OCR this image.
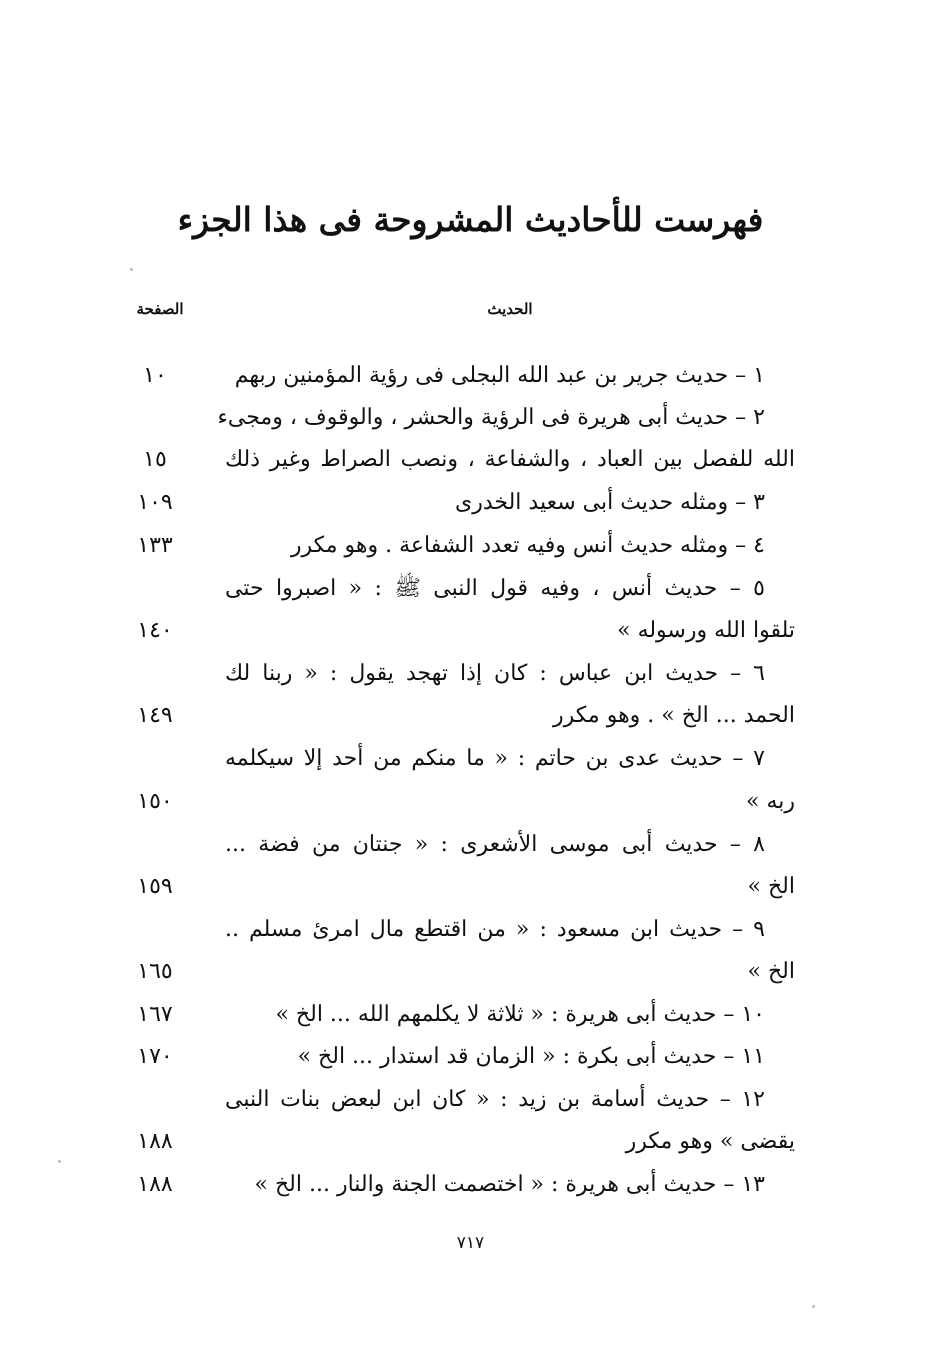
فهرست للأحاديث المشروحة فى هذا الجزء
الحديث
الصفحة
١ – حديث جرير بن عبد الله البجلى فى رؤية المؤمنين ربهم
١٠
٢ – حديث أبى هريرة فى الرؤية والحشر ، والوقوف ، ومجىء
الله للفصل بين العباد ، والشفاعة ، ونصب الصراط وغير ذلك
١٥
٣ – ومثله حديث أبى سعيد الخدرى
١٠٩
٤ – ومثله حديث أنس وفيه تعدد الشفاعة . وهو مكرر
١٣٣
٥ – حديث أنس ، وفيه قول النبى ﷺ : « اصبروا حتى
تلقوا الله ورسوله »
١٤٠
٦ – حديث ابن عباس : كان إذا تهجد يقول : « ربنا لك
الحمد ... الخ » . وهو مكرر
١٤٩
٧ – حديث عدى بن حاتم : « ما منكم من أحد إلا سيكلمه
ربه »
١٥٠
٨ – حديث أبى موسى الأشعرى : « جنتان من فضة ...
الخ »
١٥٩
٩ – حديث ابن مسعود : « من اقتطع مال امرئ مسلم ..
الخ »
١٦٥
١٠ – حديث أبى هريرة : « ثلاثة لا يكلمهم الله ... الخ »
١٦٧
١١ – حديث أبى بكرة : « الزمان قد استدار ... الخ »
١٧٠
١٢ – حديث أسامة بن زيد : « كان ابن لبعض بنات النبى
يقضى » وهو مكرر
١٨٨
١٣ – حديث أبى هريرة : « اختصمت الجنة والنار ... الخ »
١٨٨
٧١٧
